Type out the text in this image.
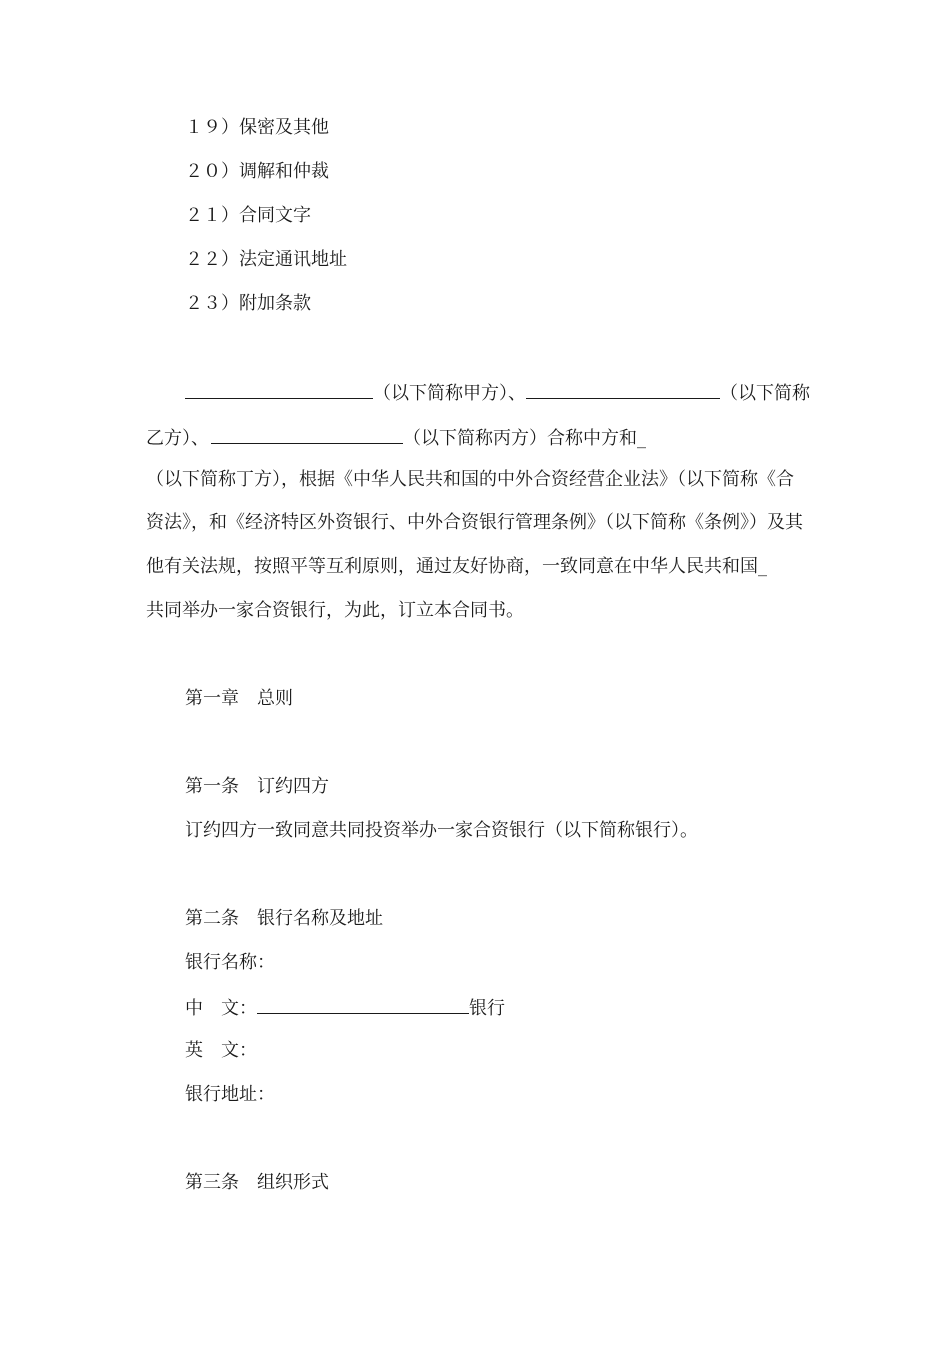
１９）保密及其他
２０）调解和仲裁
２１）合同文字
２２）法定通讯地址
２３）附加条款
（以下简称甲方）、	（以下简称
乙方）、	（以下简称丙方）合称中方和_
（以下简称丁方），根据《中华人民共和国的中外合资经营企业法》（以下简称《合
资法》，和《经济特区外资银行、中外合资银行管理条例》（以下简称《条例》）及其
他有关法规，按照平等互利原则，通过友好协商，一致同意在中华人民共和国_
共同举办一家合资银行，为此，订立本合同书。
第一章　总则
第一条　订约四方
订约四方一致同意共同投资举办一家合资银行（以下简称银行）。
第二条　银行名称及地址
银行名称：
中　文：	银行
英　文：
银行地址：
第三条　组织形式
